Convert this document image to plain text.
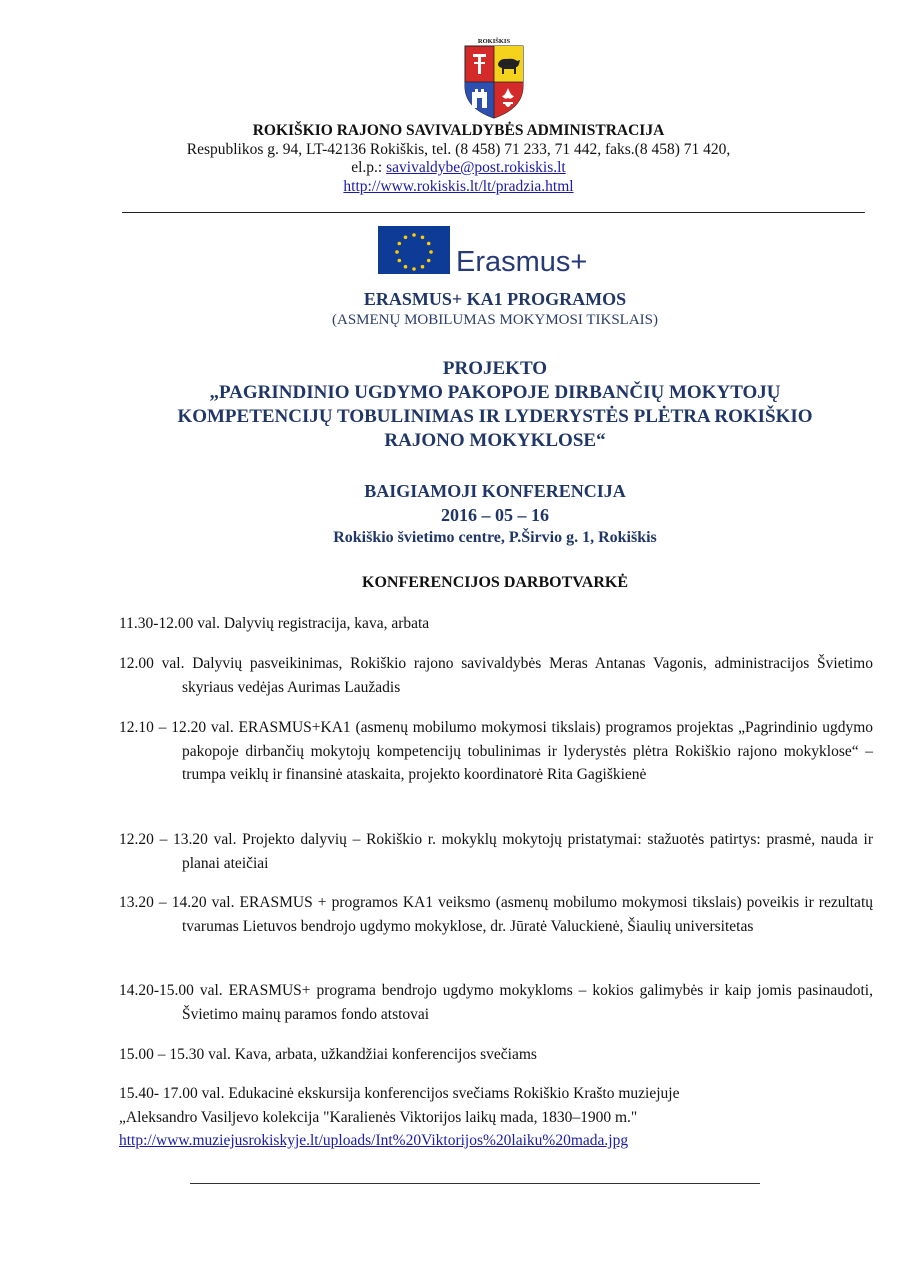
ROKIŠKIS
ROKIŠKIO RAJONO SAVIVALDYBĖS ADMINISTRACIJA
Respublikos g. 94, LT-42136 Rokiškis, tel. (8 458) 71 233, 71 442, faks.(8 458) 71 420,
el.p.: savivaldybe@post.rokiskis.lt
http://www.rokiskis.lt/lt/pradzia.html
Erasmus+
ERASMUS+ KA1 PROGRAMOS
(ASMENŲ MOBILUMAS MOKYMOSI TIKSLAIS)
PROJEKTO
„PAGRINDINIO UGDYMO PAKOPOJE DIRBANČIŲ MOKYTOJŲ
KOMPETENCIJŲ TOBULINIMAS IR LYDERYSTĖS PLĖTRA ROKIŠKIO
RAJONO MOKYKLOSE“
BAIGIAMOJI KONFERENCIJA
2016 – 05 – 16
Rokiškio švietimo centre, P.Širvio g. 1, Rokiškis
KONFERENCIJOS DARBOTVARKĖ
11.30-12.00 val. Dalyvių registracija, kava, arbata
12.00 val. Dalyvių pasveikinimas, Rokiškio rajono savivaldybės Meras Antanas Vagonis, administracijos Švietimo skyriaus vedėjas Aurimas Laužadis
12.10 – 12.20 val. ERASMUS+KA1 (asmenų mobilumo mokymosi tikslais) programos projektas „Pagrindinio ugdymo pakopoje dirbančių mokytojų kompetencijų tobulinimas ir lyderystės plėtra Rokiškio rajono mokyklose“ – trumpa veiklų ir finansinė ataskaita, projekto koordinatorė Rita Gagiškienė
12.20 – 13.20 val. Projekto dalyvių – Rokiškio r. mokyklų mokytojų pristatymai: stažuotės patirtys: prasmė, nauda ir planai ateičiai
13.20 – 14.20 val. ERASMUS + programos KA1 veiksmo (asmenų mobilumo mokymosi tikslais) poveikis ir rezultatų tvarumas Lietuvos bendrojo ugdymo mokyklose, dr. Jūratė Valuckienė, Šiaulių universitetas
14.20-15.00 val. ERASMUS+ programa bendrojo ugdymo mokykloms – kokios galimybės ir kaip jomis pasinaudoti, Švietimo mainų paramos fondo atstovai
15.00 – 15.30 val. Kava, arbata, užkandžiai konferencijos svečiams
15.40- 17.00 val. Edukacinė ekskursija konferencijos svečiams Rokiškio Krašto muziejuje
„Aleksandro Vasiljevo kolekcija "Karalienės Viktorijos laikų mada, 1830–1900 m."
http://www.muziejusrokiskyje.lt/uploads/Int%20Viktorijos%20laiku%20mada.jpg
